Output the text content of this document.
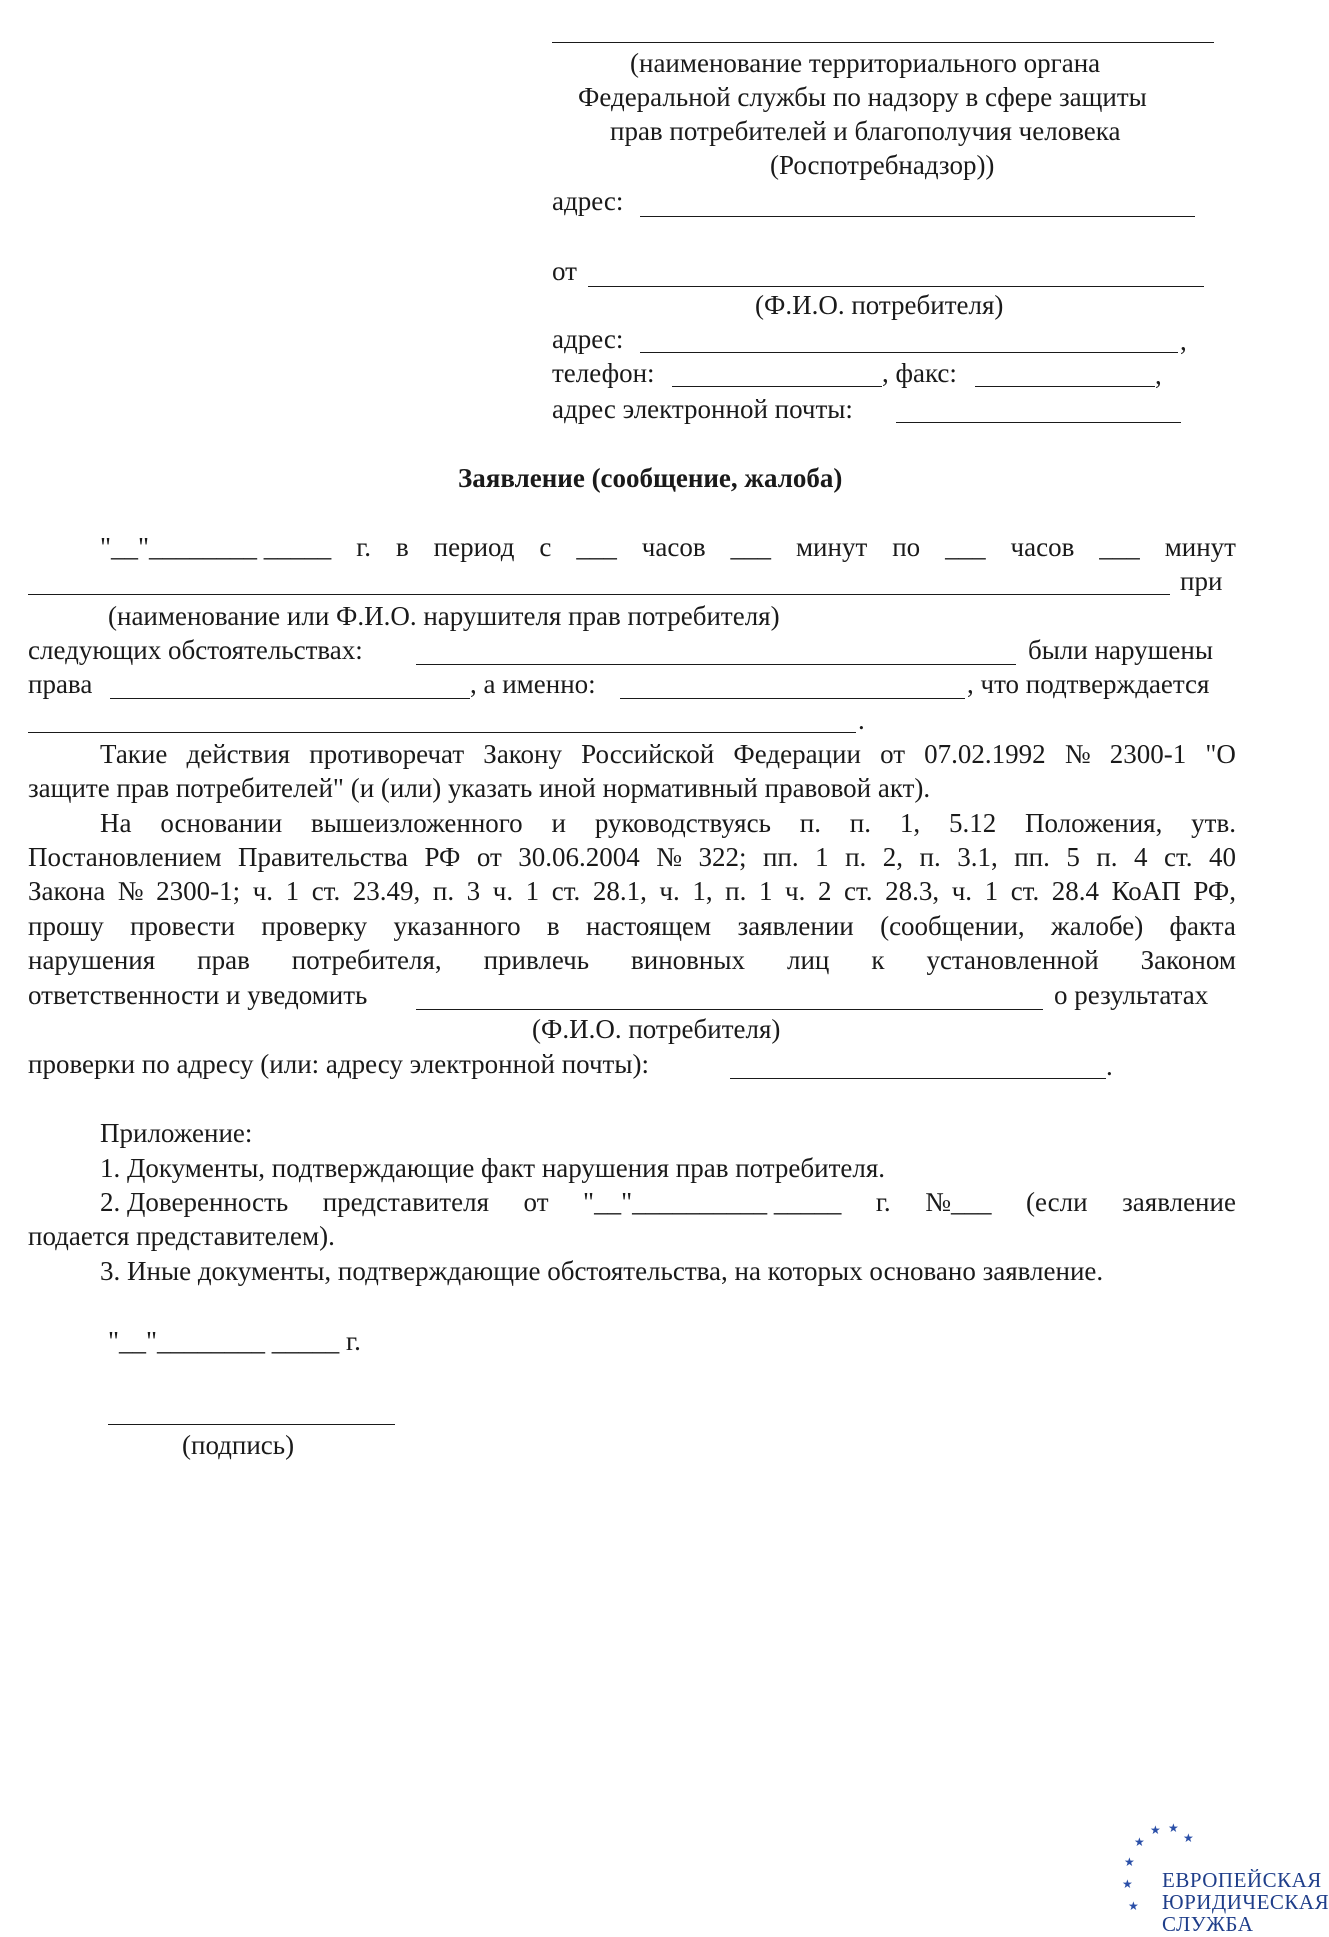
(наименование территориального органа
Федеральной службы по надзору в сфере защиты
прав потребителей и благополучия человека
(Роспотребнадзор))
адрес:
от
(Ф.И.О. потребителя)
адрес:	,
телефон:	, факс:	,
адрес электронной почты:
Заявление (сообщение, жалоба)
"__"________ _____ г. в период с ___ часов ___ минут по ___ часов ___ минут
при
(наименование или Ф.И.О. нарушителя прав потребителя)
следующих обстоятельствах:	были нарушены
права	, а именно:	, что подтверждается
.
Такие действия противоречат Закону Российской Федерации от 07.02.1992 № 2300-1 "О
защите прав потребителей" (и (или) указать иной нормативный правовой акт).
На основании вышеизложенного и руководствуясь п. п. 1, 5.12 Положения, утв.
Постановлением Правительства РФ от 30.06.2004 № 322; пп. 1 п. 2, п. 3.1, пп. 5 п. 4 ст. 40
Закона № 2300-1; ч. 1 ст. 23.49, п. 3 ч. 1 ст. 28.1, ч. 1, п. 1 ч. 2 ст. 28.3, ч. 1 ст. 28.4 КоАП РФ,
прошу провести проверку указанного в настоящем заявлении (сообщении, жалобе) факта
нарушения прав потребителя, привлечь виновных лиц к установленной Законом
ответственности и уведомить	о результатах
(Ф.И.О. потребителя)
проверки по адресу (или: адресу электронной почты):	.
Приложение:
1. Документы, подтверждающие факт нарушения прав потребителя.
2. Доверенность представителя от "__"__________ _____ г. №___ (если заявление
подается представителем).
3. Иные документы, подтверждающие обстоятельства, на которых основано заявление.
"__"________ _____ г.
(подпись)
★
★
★
★
★
★
★
ЕВРОПЕЙСКАЯ
ЮРИДИЧЕСКАЯ
СЛУЖБА
